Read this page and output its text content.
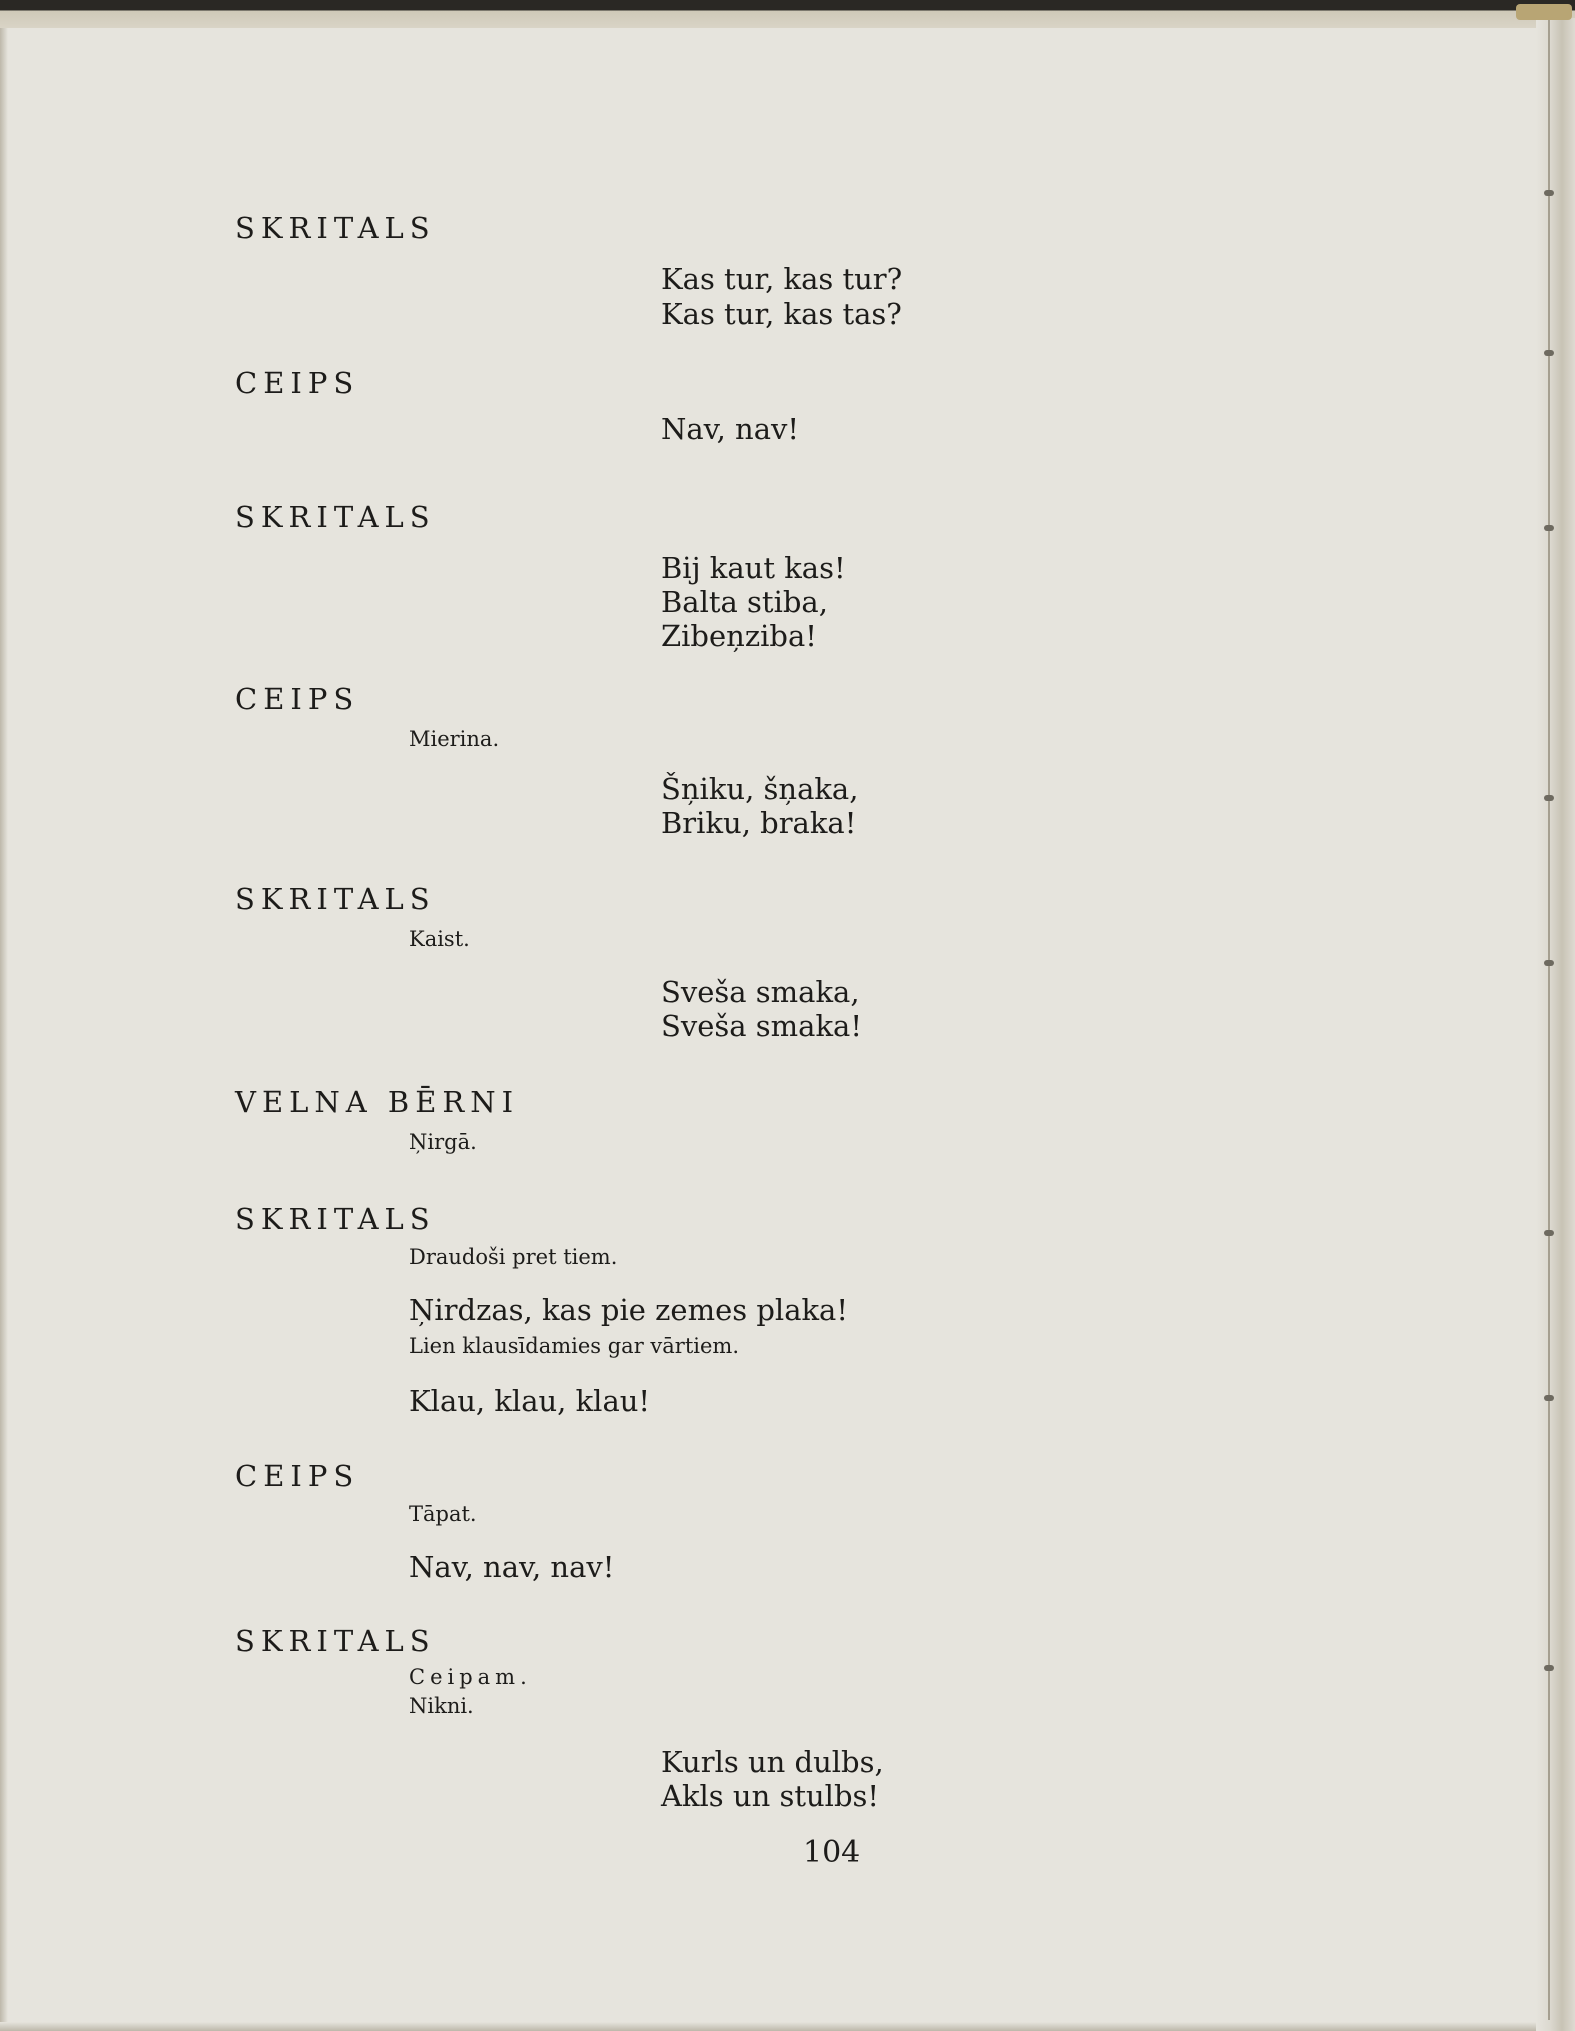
SKRITALS
Kas tur, kas tur?
Kas tur, kas tas?
CEIPS
Nav, nav!
SKRITALS
Bij kaut kas!
Balta stiba,
Zibeņziba!
CEIPS
Mierina.
Šņiku, šņaka,
Briku, braka!
SKRITALS
Kaist.
Sveša smaka,
Sveša smaka!
VELNA BĒRNI
Ņirgā.
SKRITALS
Draudoši pret tiem.
Ņirdzas, kas pie zemes plaka!
Lien klausīdamies gar vārtiem.
Klau, klau, klau!
CEIPS
Tāpat.
Nav, nav, nav!
SKRITALS
Ceipam.
Nikni.
Kurls un dulbs,
Akls un stulbs!
104
